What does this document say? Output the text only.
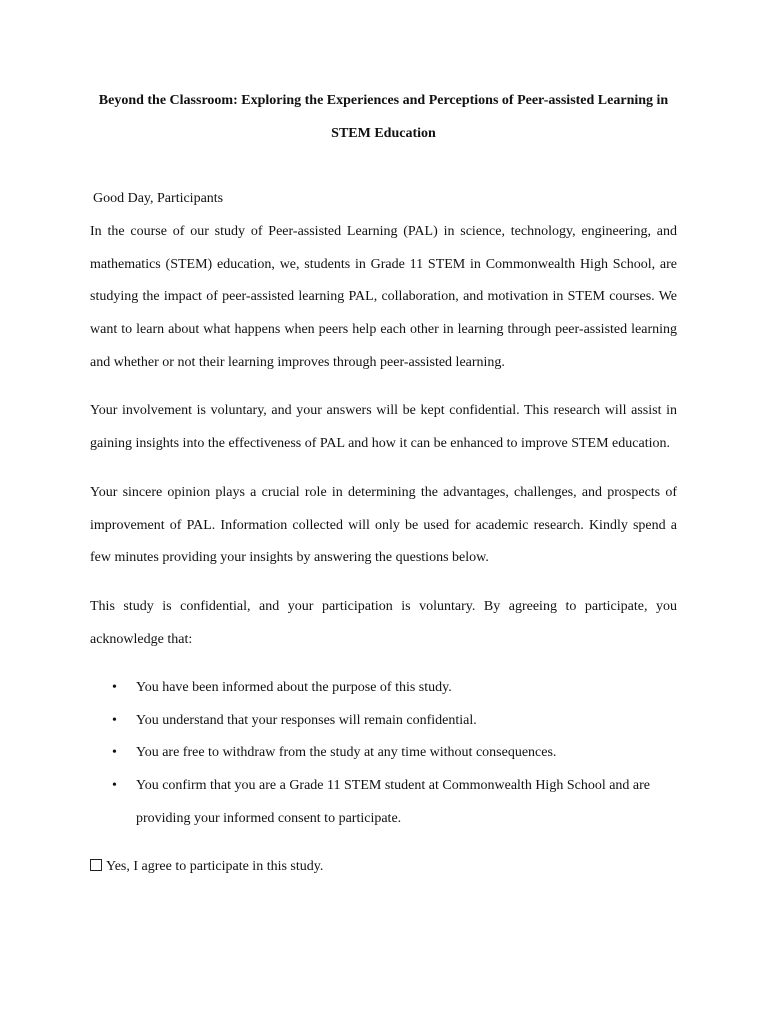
Beyond the Classroom: Exploring the Experiences and Perceptions of Peer-assisted Learning in

STEM Education

Good Day, Participants

In the course of our study of Peer-assisted Learning (PAL) in science, technology, engineering, and mathematics (STEM) education, we, students in Grade 11 STEM in Commonwealth High School, are studying the impact of peer-assisted learning PAL, collaboration, and motivation in STEM courses. We want to learn about what happens when peers help each other in learning through peer-assisted learning and whether or not their learning improves through peer-assisted learning.

Your involvement is voluntary, and your answers will be kept confidential. This research will assist in gaining insights into the effectiveness of PAL and how it can be enhanced to improve STEM education.

Your sincere opinion plays a crucial role in determining the advantages, challenges, and prospects of improvement of PAL. Information collected will only be used for academic research. Kindly spend a few minutes providing your insights by answering the questions below.

This study is confidential, and your participation is voluntary. By agreeing to participate, you acknowledge that:

• You have been informed about the purpose of this study.
• You understand that your responses will remain confidential.
• You are free to withdraw from the study at any time without consequences.
• You confirm that you are a Grade 11 STEM student at Commonwealth High School and are providing your informed consent to participate.

Yes, I agree to participate in this study.
